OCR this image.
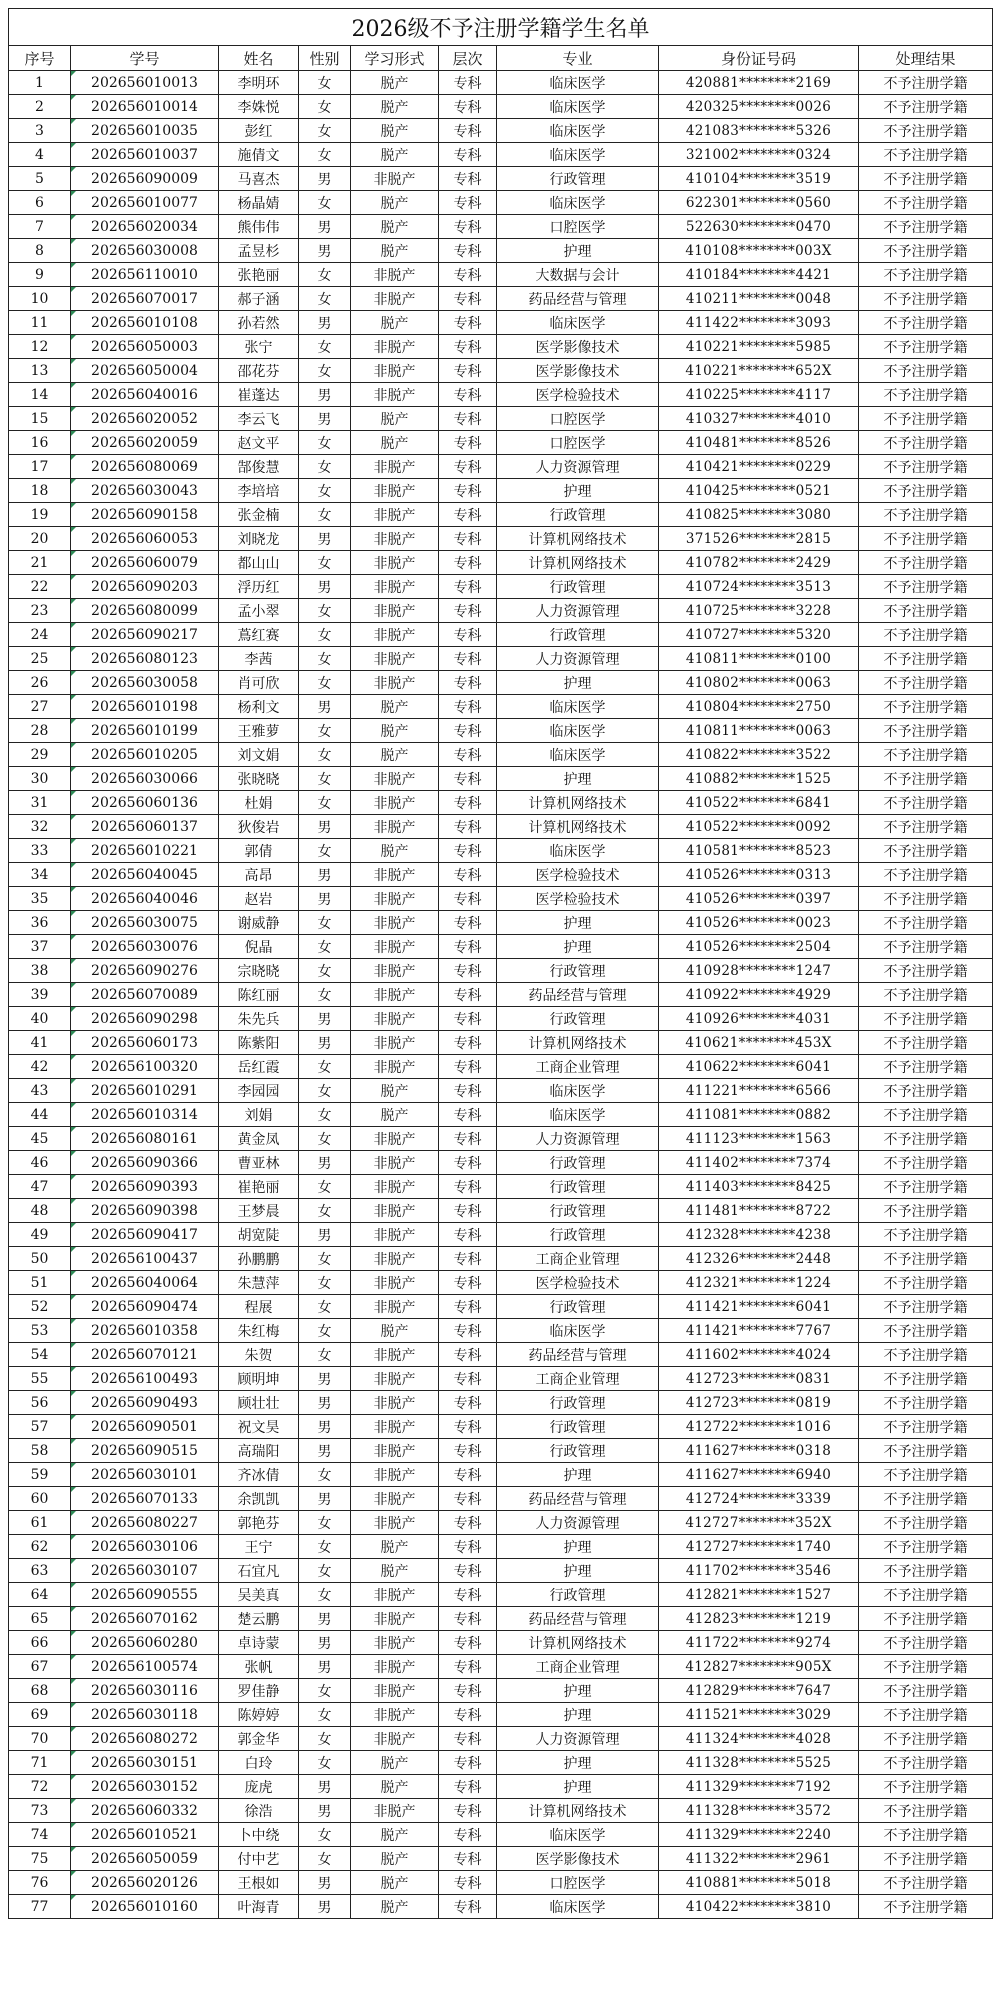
2026级不予注册学籍学生名单								
序号	学号	姓名	性别	学习形式	层次	专业	身份证号码	处理结果
1	202656010013	李明环	女	脱产	专科	临床医学	420881********2169	不予注册学籍
2	202656010014	李姝悦	女	脱产	专科	临床医学	420325********0026	不予注册学籍
3	202656010035	彭红	女	脱产	专科	临床医学	421083********5326	不予注册学籍
4	202656010037	施倩文	女	脱产	专科	临床医学	321002********0324	不予注册学籍
5	202656090009	马喜杰	男	非脱产	专科	行政管理	410104********3519	不予注册学籍
6	202656010077	杨晶婧	女	脱产	专科	临床医学	622301********0560	不予注册学籍
7	202656020034	熊伟伟	男	脱产	专科	口腔医学	522630********0470	不予注册学籍
8	202656030008	孟昱杉	男	脱产	专科	护理	410108********003X	不予注册学籍
9	202656110010	张艳丽	女	非脱产	专科	大数据与会计	410184********4421	不予注册学籍
10	202656070017	郝子涵	女	非脱产	专科	药品经营与管理	410211********0048	不予注册学籍
11	202656010108	孙若然	男	脱产	专科	临床医学	411422********3093	不予注册学籍
12	202656050003	张宁	女	非脱产	专科	医学影像技术	410221********5985	不予注册学籍
13	202656050004	邵花芬	女	非脱产	专科	医学影像技术	410221********652X	不予注册学籍
14	202656040016	崔蓬达	男	非脱产	专科	医学检验技术	410225********4117	不予注册学籍
15	202656020052	李云飞	男	脱产	专科	口腔医学	410327********4010	不予注册学籍
16	202656020059	赵文平	女	脱产	专科	口腔医学	410481********8526	不予注册学籍
17	202656080069	郜俊慧	女	非脱产	专科	人力资源管理	410421********0229	不予注册学籍
18	202656030043	李培培	女	非脱产	专科	护理	410425********0521	不予注册学籍
19	202656090158	张金楠	女	非脱产	专科	行政管理	410825********3080	不予注册学籍
20	202656060053	刘晓龙	男	非脱产	专科	计算机网络技术	371526********2815	不予注册学籍
21	202656060079	都山山	女	非脱产	专科	计算机网络技术	410782********2429	不予注册学籍
22	202656090203	浮历红	男	非脱产	专科	行政管理	410724********3513	不予注册学籍
23	202656080099	孟小翠	女	非脱产	专科	人力资源管理	410725********3228	不予注册学籍
24	202656090217	蔦红赛	女	非脱产	专科	行政管理	410727********5320	不予注册学籍
25	202656080123	李茜	女	非脱产	专科	人力资源管理	410811********0100	不予注册学籍
26	202656030058	肖可欣	女	非脱产	专科	护理	410802********0063	不予注册学籍
27	202656010198	杨利文	男	脱产	专科	临床医学	410804********2750	不予注册学籍
28	202656010199	王雅萝	女	脱产	专科	临床医学	410811********0063	不予注册学籍
29	202656010205	刘文娟	女	脱产	专科	临床医学	410822********3522	不予注册学籍
30	202656030066	张晓晓	女	非脱产	专科	护理	410882********1525	不予注册学籍
31	202656060136	杜娟	女	非脱产	专科	计算机网络技术	410522********6841	不予注册学籍
32	202656060137	狄俊岩	男	非脱产	专科	计算机网络技术	410522********0092	不予注册学籍
33	202656010221	郭倩	女	脱产	专科	临床医学	410581********8523	不予注册学籍
34	202656040045	高昂	男	非脱产	专科	医学检验技术	410526********0313	不予注册学籍
35	202656040046	赵岩	男	非脱产	专科	医学检验技术	410526********0397	不予注册学籍
36	202656030075	谢威静	女	非脱产	专科	护理	410526********0023	不予注册学籍
37	202656030076	倪晶	女	非脱产	专科	护理	410526********2504	不予注册学籍
38	202656090276	宗晓晓	女	非脱产	专科	行政管理	410928********1247	不予注册学籍
39	202656070089	陈红丽	女	非脱产	专科	药品经营与管理	410922********4929	不予注册学籍
40	202656090298	朱先兵	男	非脱产	专科	行政管理	410926********4031	不予注册学籍
41	202656060173	陈紫阳	男	非脱产	专科	计算机网络技术	410621********453X	不予注册学籍
42	202656100320	岳红霞	女	非脱产	专科	工商企业管理	410622********6041	不予注册学籍
43	202656010291	李园园	女	脱产	专科	临床医学	411221********6566	不予注册学籍
44	202656010314	刘娟	女	脱产	专科	临床医学	411081********0882	不予注册学籍
45	202656080161	黄金凤	女	非脱产	专科	人力资源管理	411123********1563	不予注册学籍
46	202656090366	曹亚林	男	非脱产	专科	行政管理	411402********7374	不予注册学籍
47	202656090393	崔艳丽	女	非脱产	专科	行政管理	411403********8425	不予注册学籍
48	202656090398	王梦晨	女	非脱产	专科	行政管理	411481********8722	不予注册学籍
49	202656090417	胡宽陡	男	非脱产	专科	行政管理	412328********4238	不予注册学籍
50	202656100437	孙鹏鹏	女	非脱产	专科	工商企业管理	412326********2448	不予注册学籍
51	202656040064	朱慧萍	女	非脱产	专科	医学检验技术	412321********1224	不予注册学籍
52	202656090474	程展	女	非脱产	专科	行政管理	411421********6041	不予注册学籍
53	202656010358	朱红梅	女	脱产	专科	临床医学	411421********7767	不予注册学籍
54	202656070121	朱贺	女	非脱产	专科	药品经营与管理	411602********4024	不予注册学籍
55	202656100493	顾明坤	男	非脱产	专科	工商企业管理	412723********0831	不予注册学籍
56	202656090493	顾壮壮	男	非脱产	专科	行政管理	412723********0819	不予注册学籍
57	202656090501	祝文昊	男	非脱产	专科	行政管理	412722********1016	不予注册学籍
58	202656090515	高瑞阳	男	非脱产	专科	行政管理	411627********0318	不予注册学籍
59	202656030101	齐冰倩	女	非脱产	专科	护理	411627********6940	不予注册学籍
60	202656070133	余凯凯	男	非脱产	专科	药品经营与管理	412724********3339	不予注册学籍
61	202656080227	郭艳芬	女	非脱产	专科	人力资源管理	412727********352X	不予注册学籍
62	202656030106	王宁	女	脱产	专科	护理	412727********1740	不予注册学籍
63	202656030107	石宜凡	女	脱产	专科	护理	411702********3546	不予注册学籍
64	202656090555	吴美真	女	非脱产	专科	行政管理	412821********1527	不予注册学籍
65	202656070162	楚云鹏	男	非脱产	专科	药品经营与管理	412823********1219	不予注册学籍
66	202656060280	卓诗蒙	男	非脱产	专科	计算机网络技术	411722********9274	不予注册学籍
67	202656100574	张帆	男	非脱产	专科	工商企业管理	412827********905X	不予注册学籍
68	202656030116	罗佳静	女	非脱产	专科	护理	412829********7647	不予注册学籍
69	202656030118	陈婷婷	女	非脱产	专科	护理	411521********3029	不予注册学籍
70	202656080272	郭金华	女	非脱产	专科	人力资源管理	411324********4028	不予注册学籍
71	202656030151	白玲	女	脱产	专科	护理	411328********5525	不予注册学籍
72	202656030152	庞虎	男	脱产	专科	护理	411329********7192	不予注册学籍
73	202656060332	徐浩	男	非脱产	专科	计算机网络技术	411328********3572	不予注册学籍
74	202656010521	卜中绕	女	脱产	专科	临床医学	411329********2240	不予注册学籍
75	202656050059	付中艺	女	脱产	专科	医学影像技术	411322********2961	不予注册学籍
76	202656020126	王根如	男	脱产	专科	口腔医学	410881********5018	不予注册学籍
77	202656010160	叶海青	男	脱产	专科	临床医学	410422********3810	不予注册学籍
